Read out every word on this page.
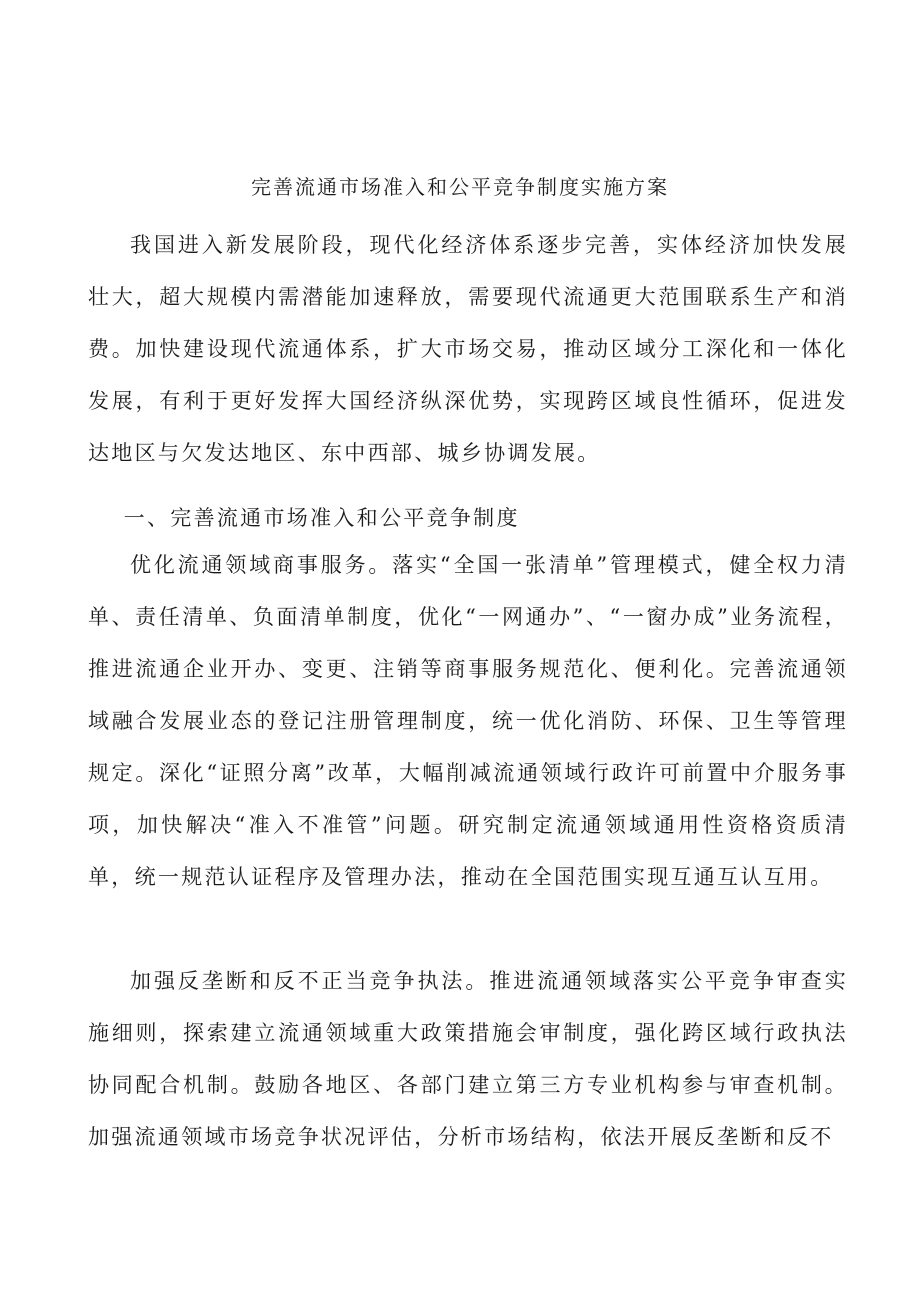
完善流通市场准入和公平竞争制度实施方案

我国进入新发展阶段，现代化经济体系逐步完善，实体经济加快发展壮大，超大规模内需潜能加速释放，需要现代流通更大范围联系生产和消费。加快建设现代流通体系，扩大市场交易，推动区域分工深化和一体化发展，有利于更好发挥大国经济纵深优势，实现跨区域良性循环，促进发达地区与欠发达地区、东中西部、城乡协调发展。

一、完善流通市场准入和公平竞争制度

优化流通领域商事服务。落实“全国一张清单”管理模式，健全权力清单、责任清单、负面清单制度，优化“一网通办”、“一窗办成”业务流程，推进流通企业开办、变更、注销等商事服务规范化、便利化。完善流通领域融合发展业态的登记注册管理制度，统一优化消防、环保、卫生等管理规定。深化“证照分离”改革，大幅削减流通领域行政许可前置中介服务事项，加快解决“准入不准管”问题。研究制定流通领域通用性资格资质清单，统一规范认证程序及管理办法，推动在全国范围实现互通互认互用。

加强反垄断和反不正当竞争执法。推进流通领域落实公平竞争审查实施细则，探索建立流通领域重大政策措施会审制度，强化跨区域行政执法协同配合机制。鼓励各地区、各部门建立第三方专业机构参与审查机制。加强流通领域市场竞争状况评估，分析市场结构，依法开展反垄断和反不
